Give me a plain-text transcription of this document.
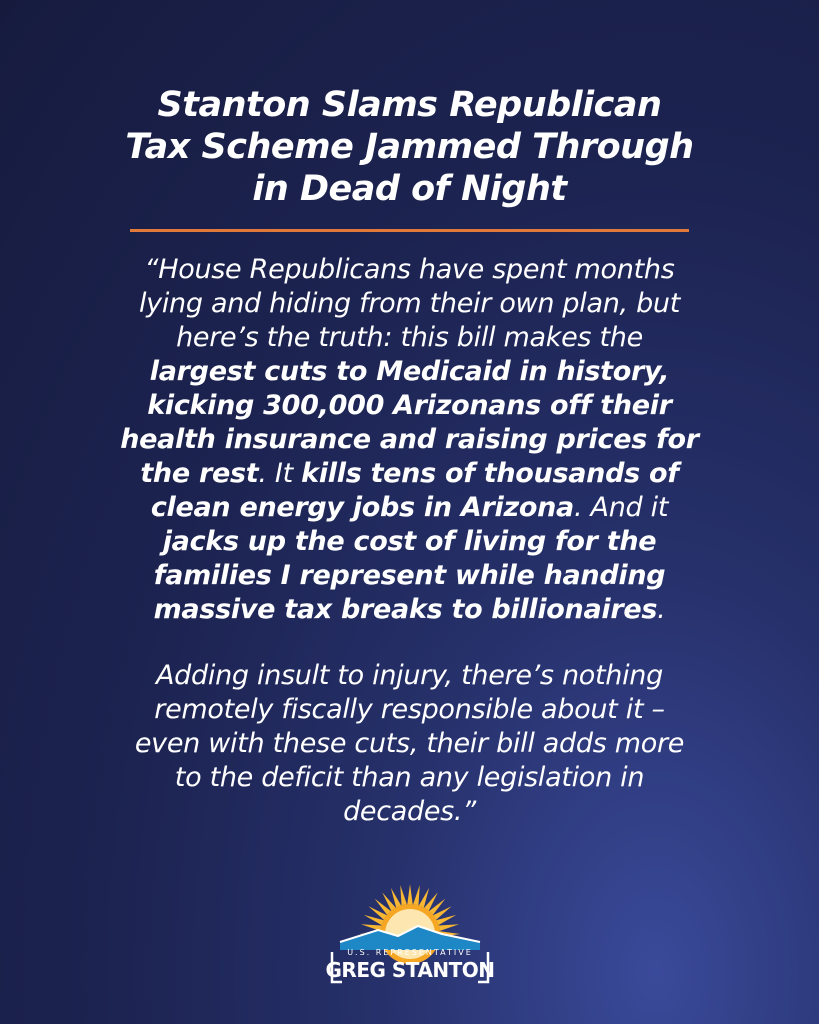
Stanton Slams Republican
Tax Scheme Jammed Through
in Dead of Night
“House Republicans have spent months
lying and hiding from their own plan, but
here’s the truth: this bill makes the
largest cuts to Medicaid in history,
kicking 300,000 Arizonans off their
health insurance and raising prices for
the rest. It kills tens of thousands of
clean energy jobs in Arizona. And it
jacks up the cost of living for the
families I represent while handing
massive tax breaks to billionaires.
Adding insult to injury, there’s nothing
remotely fiscally responsible about it –
even with these cuts, their bill adds more
to the deficit than any legislation in
decades.”
U.S. REPRESENTATIVE
GREG STANTON
